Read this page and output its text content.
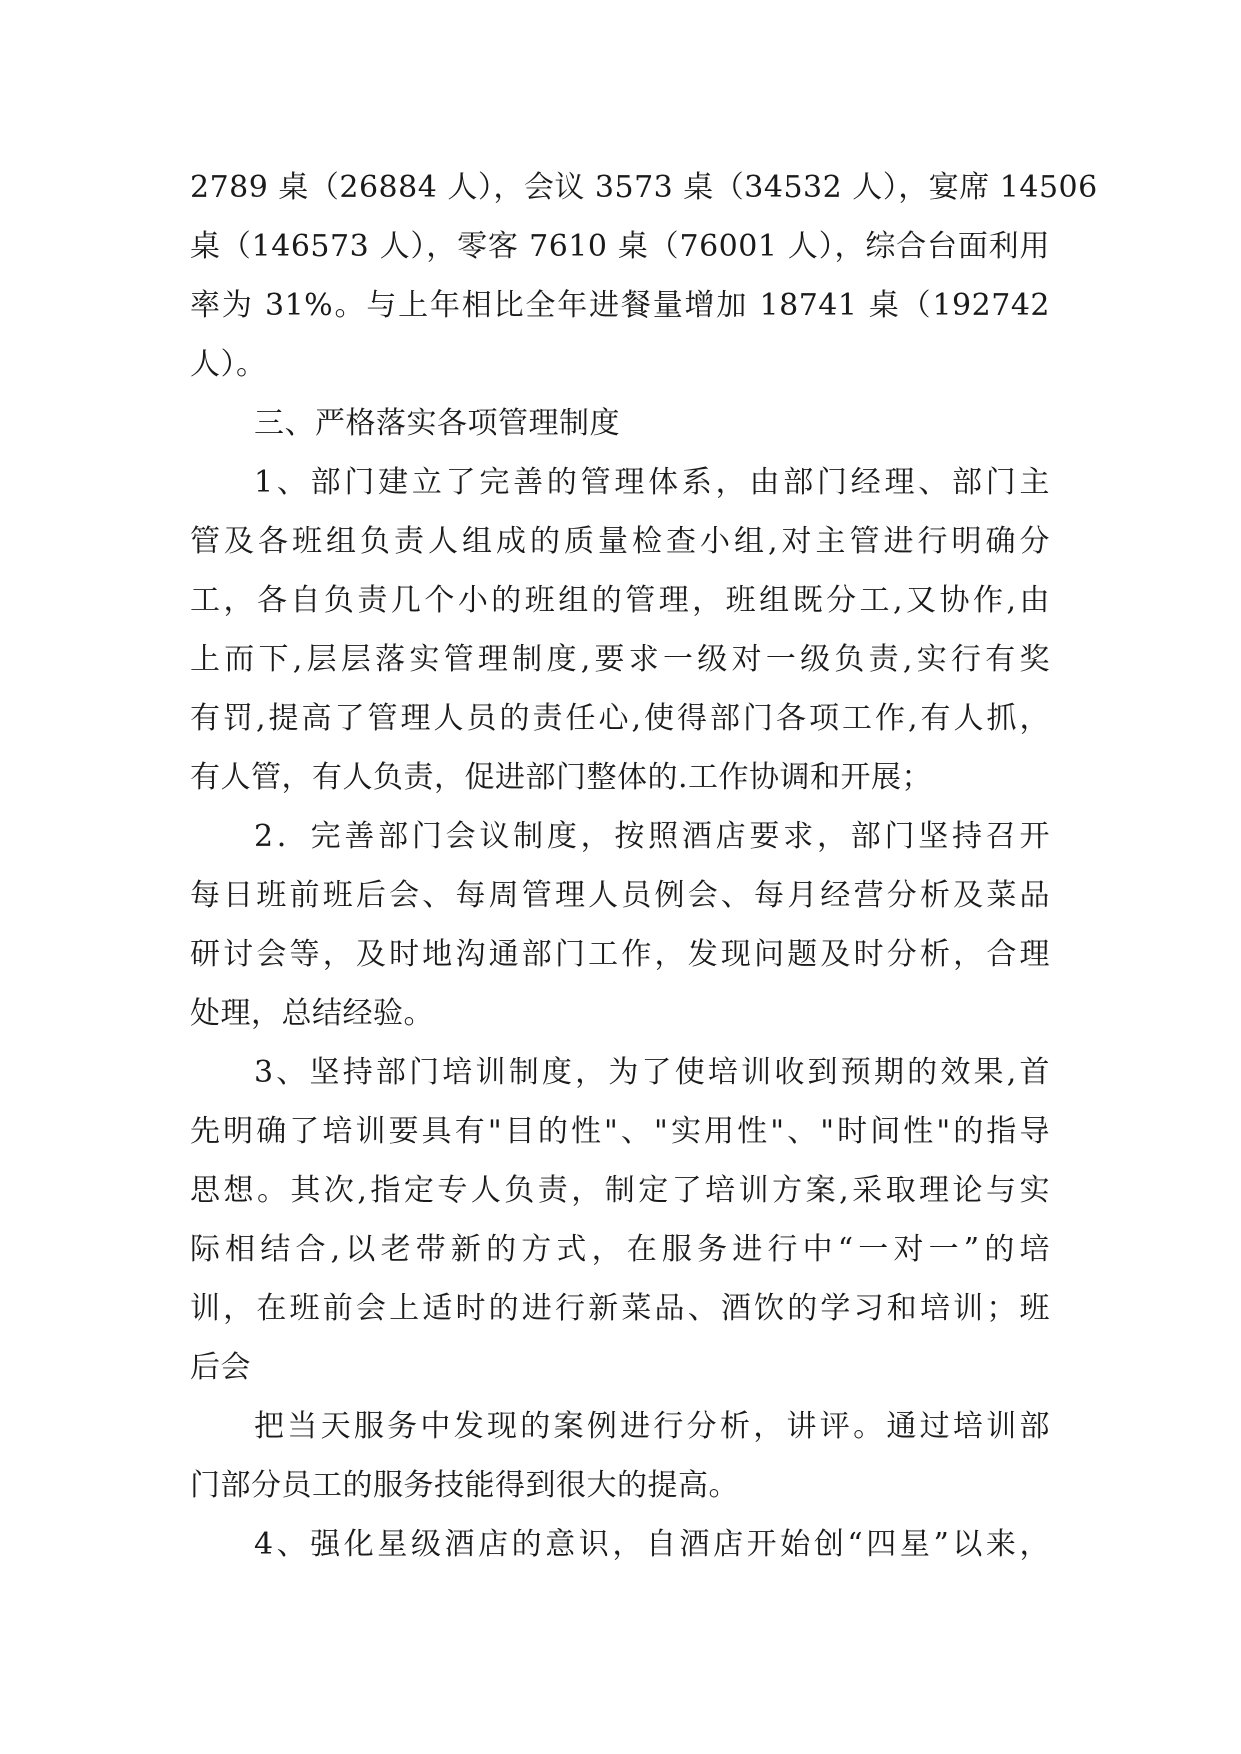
2789 桌（26884 人），会议 3573 桌（34532 人），宴席 14506
桌（146573 人），零客 7610 桌（76001 人），综合台面利用
率为 31%。与上年相比全年进餐量增加 18741 桌（192742
人）。
三、严格落实各项管理制度
1、部门建立了完善的管理体系，由部门经理、部门主
管及各班组负责人组成的质量检查小组,对主管进行明确分
工，各自负责几个小的班组的管理，班组既分工,又协作,由
上而下,层层落实管理制度,要求一级对一级负责,实行有奖
有罚,提高了管理人员的责任心,使得部门各项工作,有人抓，
有人管，有人负责，促进部门整体的.工作协调和开展；
2．完善部门会议制度，按照酒店要求，部门坚持召开
每日班前班后会、每周管理人员例会、每月经营分析及菜品
研讨会等，及时地沟通部门工作，发现问题及时分析，合理
处理，总结经验。
3、坚持部门培训制度，为了使培训收到预期的效果,首
先明确了培训要具有"目的性"、"实用性"、"时间性"的指导
思想。其次,指定专人负责，制定了培训方案,采取理论与实
际相结合,以老带新的方式，在服务进行中“一对一”的培
训，在班前会上适时的进行新菜品、酒饮的学习和培训；班
后会
把当天服务中发现的案例进行分析，讲评。通过培训部
门部分员工的服务技能得到很大的提高。
4、强化星级酒店的意识，自酒店开始创“四星”以来，
